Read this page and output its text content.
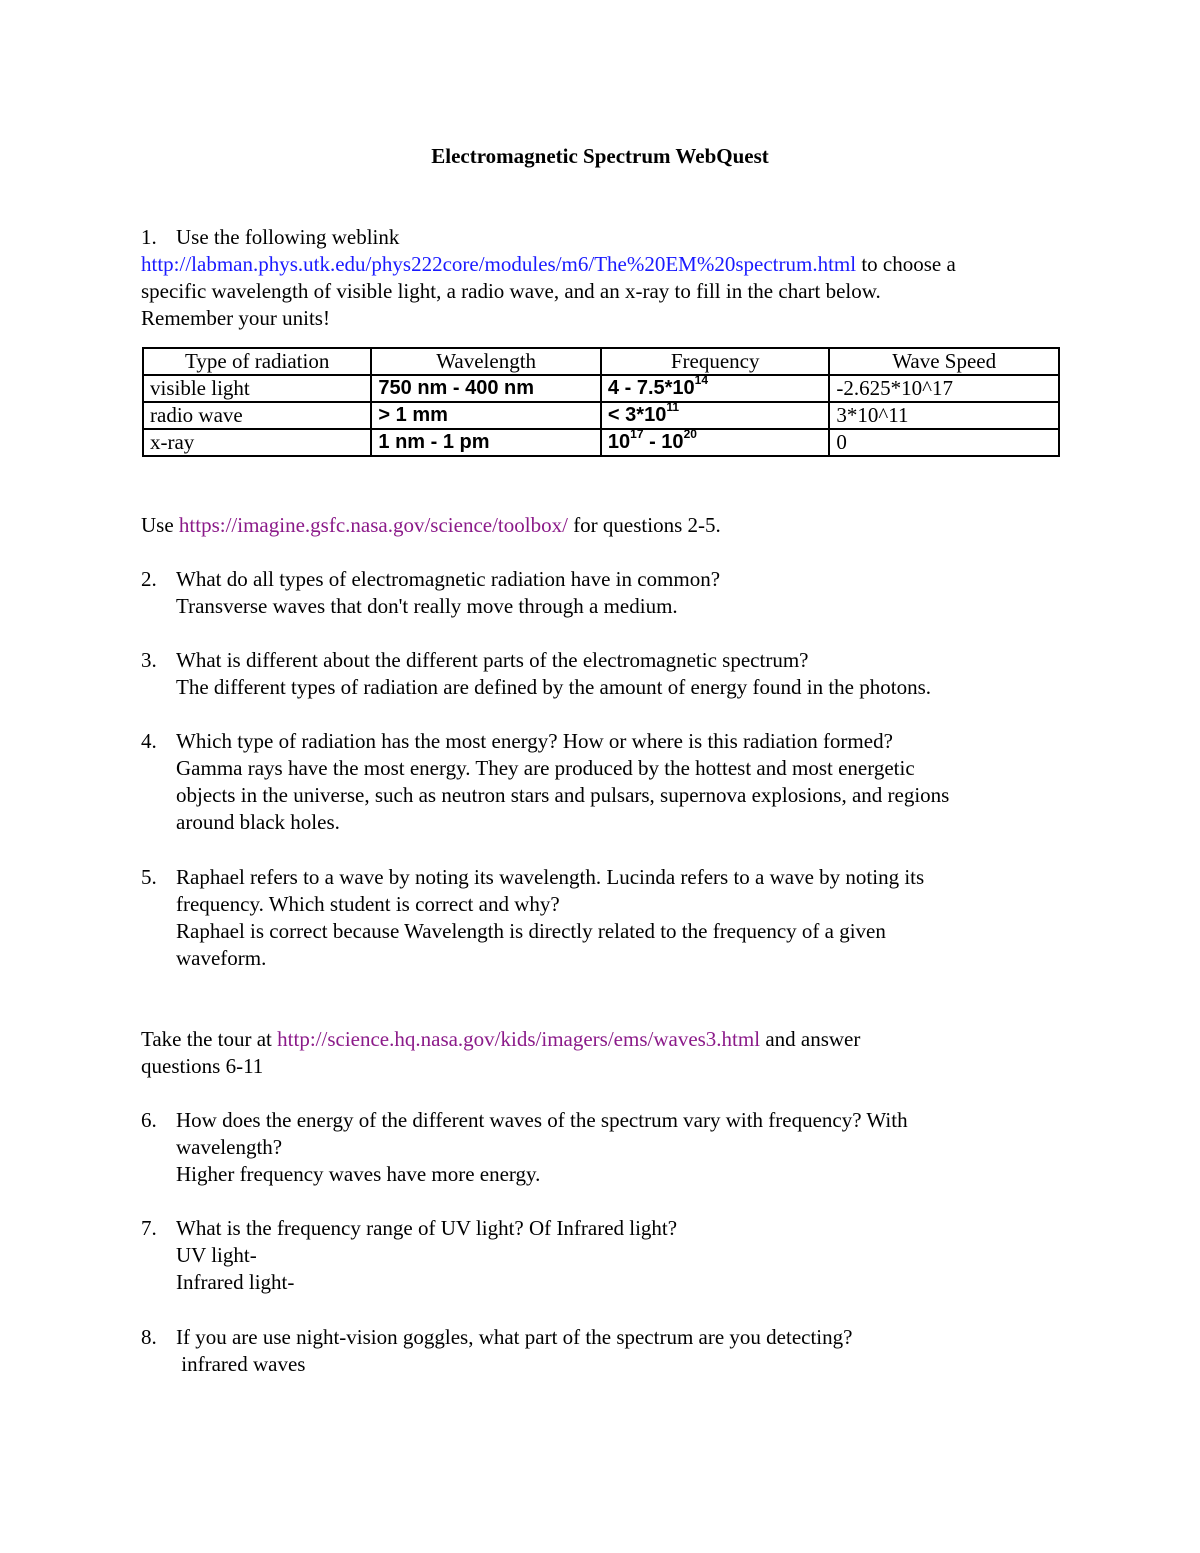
Electromagnetic Spectrum WebQuest
1. Use the following weblink
http://labman.phys.utk.edu/phys222core/modules/m6/The%20EM%20spectrum.html to choose a
specific wavelength of visible light, a radio wave, and an x-ray to fill in the chart below.
Remember your units!
Type of radiation	Wavelength	Frequency	Wave Speed
visible light	750 nm - 400 nm	$4 - 7.5*10^{14}$	-2.625*10^17
radio wave	> 1 mm	< $3*10^{11}$	3*10^11
x-ray	1 nm - 1 pm	$10^{17} - 10^{20}$	0
Use https://imagine.gsfc.nasa.gov/science/toolbox/ for questions 2-5.
2. What do all types of electromagnetic radiation have in common?
Transverse waves that don't really move through a medium.
3. What is different about the different parts of the electromagnetic spectrum?
The different types of radiation are defined by the amount of energy found in the photons.
4. Which type of radiation has the most energy? How or where is this radiation formed?
Gamma rays have the most energy. They are produced by the hottest and most energetic
objects in the universe, such as neutron stars and pulsars, supernova explosions, and regions
around black holes.
5. Raphael refers to a wave by noting its wavelength. Lucinda refers to a wave by noting its
frequency. Which student is correct and why?
Raphael is correct because Wavelength is directly related to the frequency of a given
waveform.
Take the tour at http://science.hq.nasa.gov/kids/imagers/ems/waves3.html and answer
questions 6-11
6. How does the energy of the different waves of the spectrum vary with frequency? With
wavelength?
Higher frequency waves have more energy.
7. What is the frequency range of UV light? Of Infrared light?
UV light-
Infrared light-
8. If you are use night-vision goggles, what part of the spectrum are you detecting?
infrared waves
